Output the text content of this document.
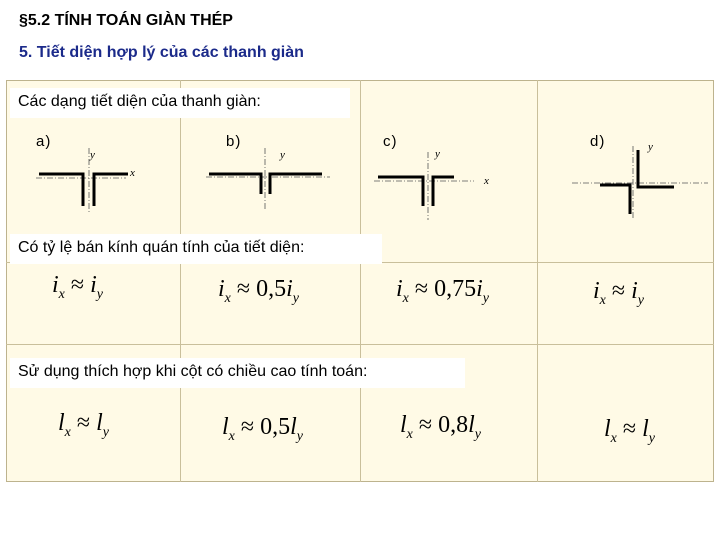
§5.2 TÍNH TOÁN GIÀN THÉP
5. Tiết diện hợp lý của các thanh giàn
Các dạng tiết diện của thanh giàn:
Có tỷ lệ bán kính quán tính của tiết diện:
Sử dụng thích hợp khi cột có chiều cao tính toán:
a)	b)	c)	d)
y
x
y	y
x
y
$i_x \approx i_y$	$i_x \approx 0,5i_y$	$i_x \approx 0,75i_y$	$i_x \approx i_y$
$l_x \approx l_y$	$l_x \approx 0,5l_y$	$l_x \approx 0,8l_y$	$l_x \approx l_y$
